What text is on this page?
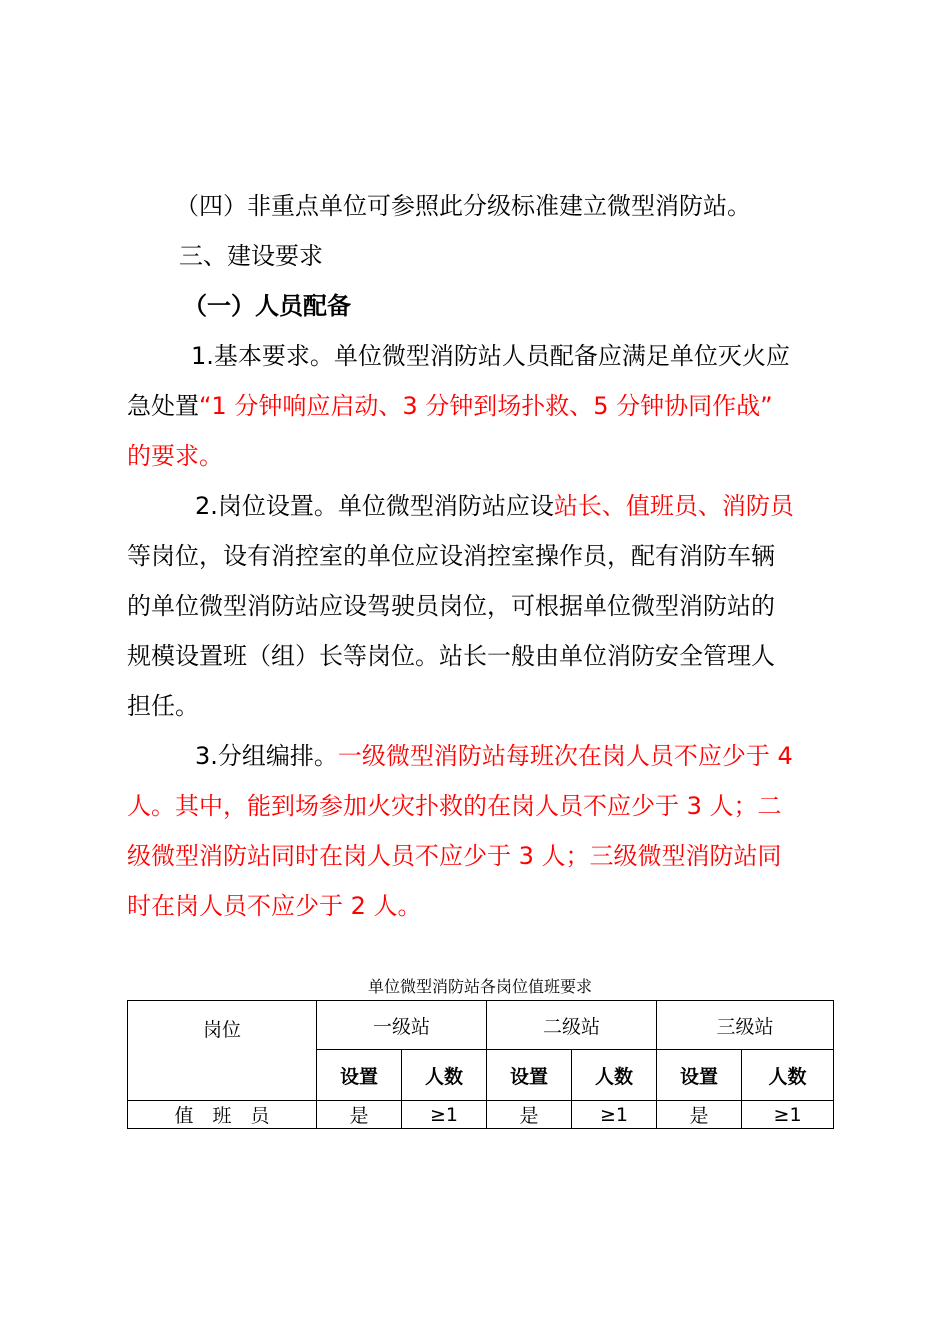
（四）非重点单位可参照此分级标准建立微型消防站。

三、建设要求

（一）人员配备

1.基本要求。单位微型消防站人员配备应满足单位灭火应

急处置“1 分钟响应启动、3 分钟到场扑救、5 分钟协同作战”

的要求。

2.岗位设置。单位微型消防站应设站长、值班员、消防员

等岗位，设有消控室的单位应设消控室操作员，配有消防车辆

的单位微型消防站应设驾驶员岗位，可根据单位微型消防站的

规模设置班（组）长等岗位。站长一般由单位消防安全管理人

担任。

3.分组编排。一级微型消防站每班次在岗人员不应少于 4

人。其中，能到场参加火灾扑救的在岗人员不应少于 3 人；二

级微型消防站同时在岗人员不应少于 3 人；三级微型消防站同

时在岗人员不应少于 2 人。

单位微型消防站各岗位值班要求
岗位	一级站		二级站		三级站	
	设置	人数	设置	人数	设置	人数
值　班　员	是	≥1	是	≥1	是	≥1
